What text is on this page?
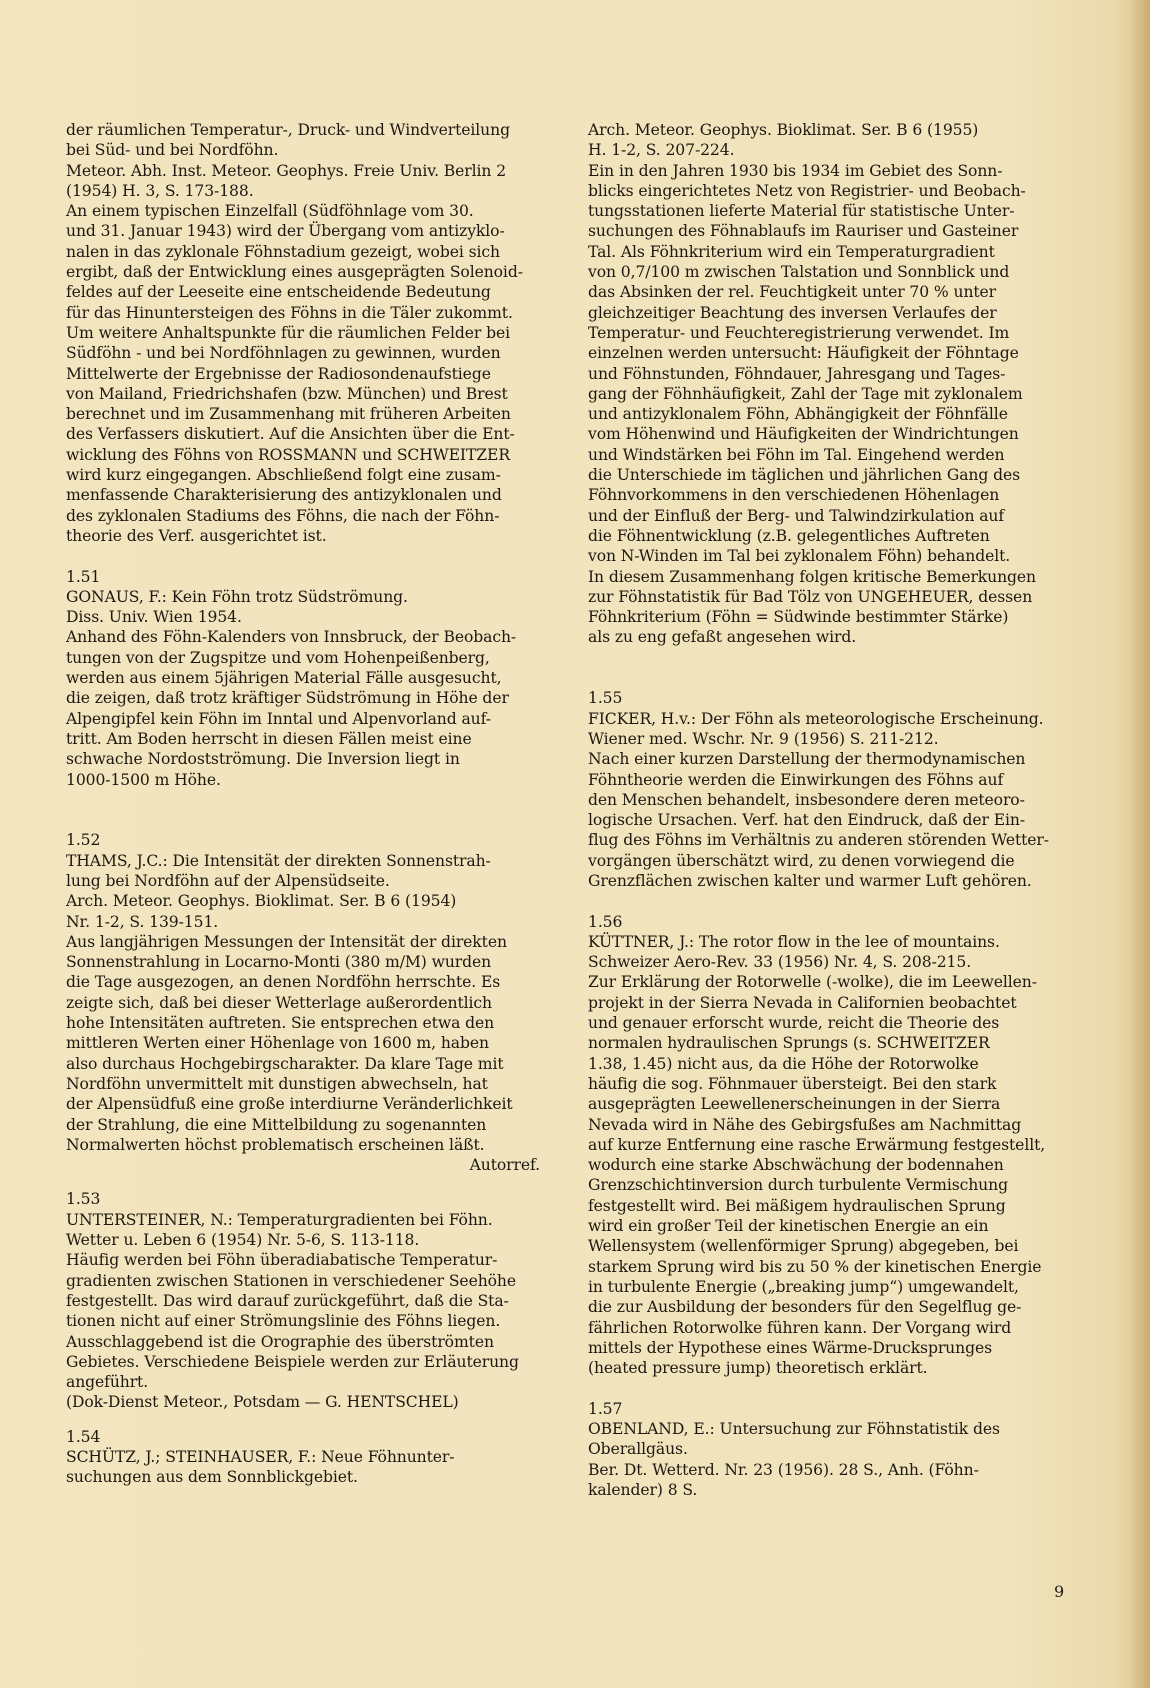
der räumlichen Temperatur-, Druck- und Windverteilung
bei Süd- und bei Nordföhn.
Meteor. Abh. Inst. Meteor. Geophys. Freie Univ. Berlin 2
(1954) H. 3, S. 173-188.
An einem typischen Einzelfall (Südföhnlage vom 30.
und 31. Januar 1943) wird der Übergang vom antizyklo-
nalen in das zyklonale Föhnstadium gezeigt, wobei sich
ergibt, daß der Entwicklung eines ausgeprägten Solenoid-
feldes auf der Leeseite eine entscheidende Bedeutung
für das Hinuntersteigen des Föhns in die Täler zukommt.
Um weitere Anhaltspunkte für die räumlichen Felder bei
Südföhn - und bei Nordföhnlagen zu gewinnen, wurden
Mittelwerte der Ergebnisse der Radiosondenaufstiege
von Mailand, Friedrichshafen (bzw. München) und Brest
berechnet und im Zusammenhang mit früheren Arbeiten
des Verfassers diskutiert. Auf die Ansichten über die Ent-
wicklung des Föhns von ROSSMANN und SCHWEITZER
wird kurz eingegangen. Abschließend folgt eine zusam-
menfassende Charakterisierung des antizyklonalen und
des zyklonalen Stadiums des Föhns, die nach der Föhn-
theorie des Verf. ausgerichtet ist.
1.51
GONAUS, F.: Kein Föhn trotz Südströmung.
Diss. Univ. Wien 1954.
Anhand des Föhn-Kalenders von Innsbruck, der Beobach-
tungen von der Zugspitze und vom Hohenpeißenberg,
werden aus einem 5jährigen Material Fälle ausgesucht,
die zeigen, daß trotz kräftiger Südströmung in Höhe der
Alpengipfel kein Föhn im Inntal und Alpenvorland auf-
tritt. Am Boden herrscht in diesen Fällen meist eine
schwache Nordostströmung. Die Inversion liegt in
1000-1500 m Höhe.
1.52
THAMS, J.C.: Die Intensität der direkten Sonnenstrah-
lung bei Nordföhn auf der Alpensüdseite.
Arch. Meteor. Geophys. Bioklimat. Ser. B 6 (1954)
Nr. 1-2, S. 139-151.
Aus langjährigen Messungen der Intensität der direkten
Sonnenstrahlung in Locarno-Monti (380 m/M) wurden
die Tage ausgezogen, an denen Nordföhn herrschte. Es
zeigte sich, daß bei dieser Wetterlage außerordentlich
hohe Intensitäten auftreten. Sie entsprechen etwa den
mittleren Werten einer Höhenlage von 1600 m, haben
also durchaus Hochgebirgscharakter. Da klare Tage mit
Nordföhn unvermittelt mit dunstigen abwechseln, hat
der Alpensüdfuß eine große interdiurne Veränderlichkeit
der Strahlung, die eine Mittelbildung zu sogenannten
Normalwerten höchst problematisch erscheinen läßt.
Autorref.
1.53
UNTERSTEINER, N.: Temperaturgradienten bei Föhn.
Wetter u. Leben 6 (1954) Nr. 5-6, S. 113-118.
Häufig werden bei Föhn überadiabatische Temperatur-
gradienten zwischen Stationen in verschiedener Seehöhe
festgestellt. Das wird darauf zurückgeführt, daß die Sta-
tionen nicht auf einer Strömungslinie des Föhns liegen.
Ausschlaggebend ist die Orographie des überströmten
Gebietes. Verschiedene Beispiele werden zur Erläuterung
angeführt.
(Dok-Dienst Meteor., Potsdam — G. HENTSCHEL)
1.54
SCHÜTZ, J.; STEINHAUSER, F.: Neue Föhnunter-
suchungen aus dem Sonnblickgebiet.
Arch. Meteor. Geophys. Bioklimat. Ser. B 6 (1955)
H. 1-2, S. 207-224.
Ein in den Jahren 1930 bis 1934 im Gebiet des Sonn-
blicks eingerichtetes Netz von Registrier- und Beobach-
tungsstationen lieferte Material für statistische Unter-
suchungen des Föhnablaufs im Rauriser und Gasteiner
Tal. Als Föhnkriterium wird ein Temperaturgradient
von 0,7/100 m zwischen Talstation und Sonnblick und
das Absinken der rel. Feuchtigkeit unter 70 % unter
gleichzeitiger Beachtung des inversen Verlaufes der
Temperatur- und Feuchteregistrierung verwendet. Im
einzelnen werden untersucht: Häufigkeit der Föhntage
und Föhnstunden, Föhndauer, Jahresgang und Tages-
gang der Föhnhäufigkeit, Zahl der Tage mit zyklonalem
und antizyklonalem Föhn, Abhängigkeit der Föhnfälle
vom Höhenwind und Häufigkeiten der Windrichtungen
und Windstärken bei Föhn im Tal. Eingehend werden
die Unterschiede im täglichen und jährlichen Gang des
Föhnvorkommens in den verschiedenen Höhenlagen
und der Einfluß der Berg- und Talwindzirkulation auf
die Föhnentwicklung (z.B. gelegentliches Auftreten
von N-Winden im Tal bei zyklonalem Föhn) behandelt.
In diesem Zusammenhang folgen kritische Bemerkungen
zur Föhnstatistik für Bad Tölz von UNGEHEUER, dessen
Föhnkriterium (Föhn = Südwinde bestimmter Stärke)
als zu eng gefaßt angesehen wird.
1.55
FICKER, H.v.: Der Föhn als meteorologische Erscheinung.
Wiener med. Wschr. Nr. 9 (1956) S. 211-212.
Nach einer kurzen Darstellung der thermodynamischen
Föhntheorie werden die Einwirkungen des Föhns auf
den Menschen behandelt, insbesondere deren meteoro-
logische Ursachen. Verf. hat den Eindruck, daß der Ein-
flug des Föhns im Verhältnis zu anderen störenden Wetter-
vorgängen überschätzt wird, zu denen vorwiegend die
Grenzflächen zwischen kalter und warmer Luft gehören.
1.56
KÜTTNER, J.: The rotor flow in the lee of mountains.
Schweizer Aero-Rev. 33 (1956) Nr. 4, S. 208-215.
Zur Erklärung der Rotorwelle (-wolke), die im Leewellen-
projekt in der Sierra Nevada in Californien beobachtet
und genauer erforscht wurde, reicht die Theorie des
normalen hydraulischen Sprungs (s. SCHWEITZER
1.38, 1.45) nicht aus, da die Höhe der Rotorwolke
häufig die sog. Föhnmauer übersteigt. Bei den stark
ausgeprägten Leewellenerscheinungen in der Sierra
Nevada wird in Nähe des Gebirgsfußes am Nachmittag
auf kurze Entfernung eine rasche Erwärmung festgestellt,
wodurch eine starke Abschwächung der bodennahen
Grenzschichtinversion durch turbulente Vermischung
festgestellt wird. Bei mäßigem hydraulischen Sprung
wird ein großer Teil der kinetischen Energie an ein
Wellensystem (wellenförmiger Sprung) abgegeben, bei
starkem Sprung wird bis zu 50 % der kinetischen Energie
in turbulente Energie („breaking jump“) umgewandelt,
die zur Ausbildung der besonders für den Segelflug ge-
fährlichen Rotorwolke führen kann. Der Vorgang wird
mittels der Hypothese eines Wärme-Drucksprunges
(heated pressure jump) theoretisch erklärt.
1.57
OBENLAND, E.: Untersuchung zur Föhnstatistik des
Oberallgäus.
Ber. Dt. Wetterd. Nr. 23 (1956). 28 S., Anh. (Föhn-
kalender) 8 S.
9
